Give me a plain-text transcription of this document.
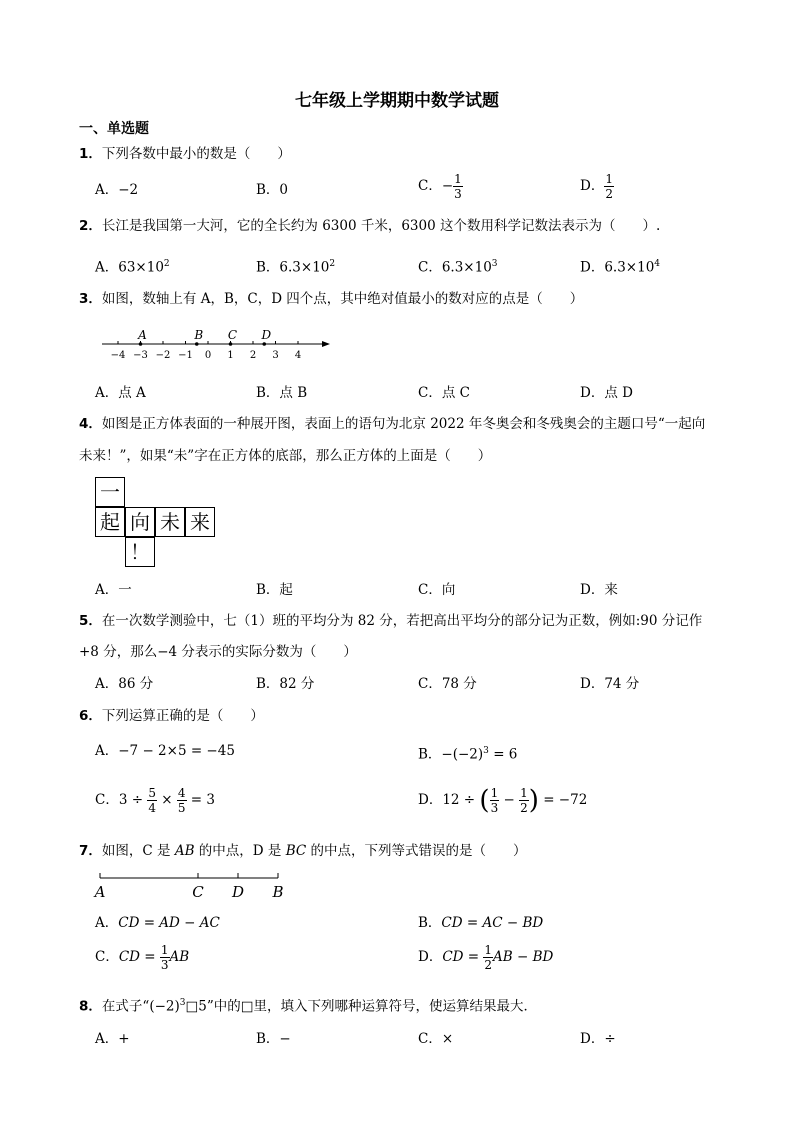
七年级上学期期中数学试题
一、单选题
1．下列各数中最小的数是（　　）
A．−2	B．0	C．− $\frac{1}{3}$	D． $\frac{1}{2}$
2．长江是我国第一大河，它的全长约为 6300 千米，6300 这个数用科学记数法表示为（　　）.
A．$63\times 10^2$	B．$6.3\times 10^2$	C．$6.3\times 10^3$	D．$6.3\times 10^4$
3．如图，数轴上有 A，B，C，D 四个点，其中绝对值最小的数对应的点是（　　）
−4 −3 −2 −1 0 1 2 3 4
A	B C D
A．点 A	B．点 B	C．点 C	D．点 D
4．如图是正方体表面的一种展开图，表面上的语句为北京 2022 年冬奥会和冬残奥会的主题口号“一起向
未来！”，如果“未”字在正方体的底部，那么正方体的上面是（　　）
一
起 向 未 来
！
A．一	B．起	C．向	D．来
5．在一次数学测验中，七（1）班的平均分为 82 分，若把高出平均分的部分记为正数，例如:90 分记作
+8 分，那么−4 分表示的实际分数为（　　）
A．86 分	B．82 分	C．78 分	D．74 分
6．下列运算正确的是（　　）
A．−7 − 2×5 = −45	B．$-(-2)^3 = 6$
C．$3 \div \frac{5}{4} \times \frac{4}{5} = 3$	D．12 ÷ ( $\frac{1}{3} - \frac{1}{2}$ ) = −72
7．如图，C 是 AB 的中点，D 是 BC 的中点，下列等式错误的是（　　）
A	C D B
A．CD = AD − AC	B．CD = AC − BD
C．CD = $\frac{1}{3}$ AB	D．CD = $\frac{1}{2}$ AB − BD
8．在式子“$(-2)^3□5$”中的□里，填入下列哪种运算符号，使运算结果最大．
A．+	B．−	C．×	D．÷
